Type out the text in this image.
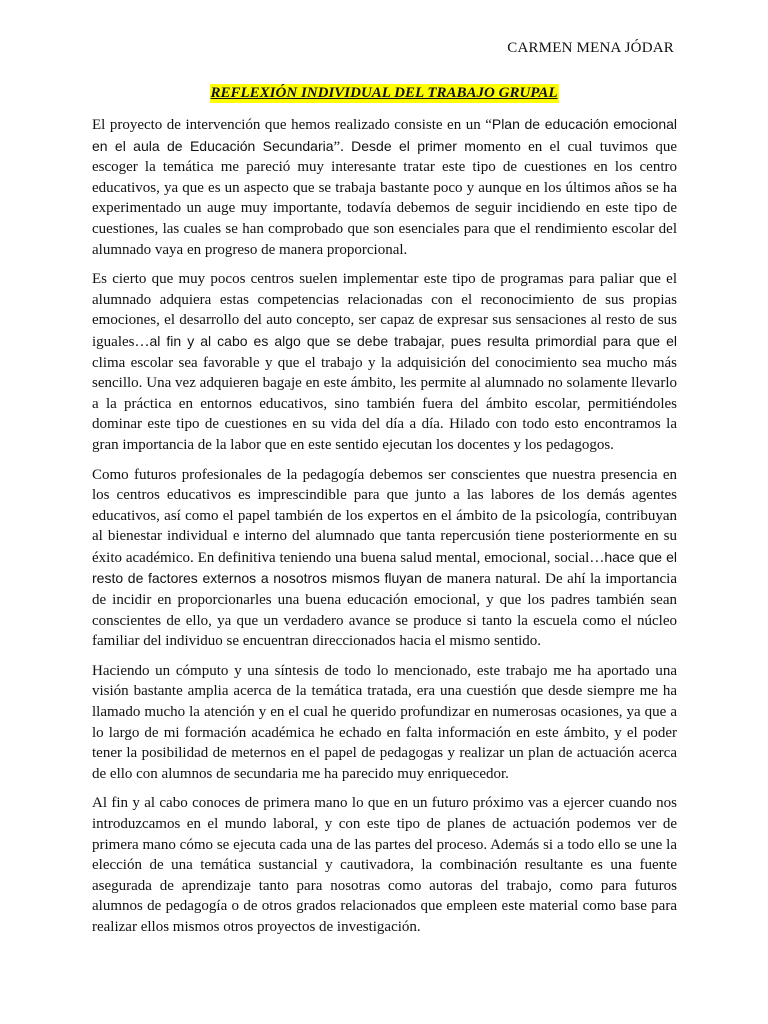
CARMEN MENA JÓDAR
REFLEXIÓN INDIVIDUAL DEL TRABAJO GRUPAL

El proyecto de intervención que hemos realizado consiste en un “Plan de educación emocional en el aula de Educación Secundaria”. Desde el primer momento en el cual tuvimos que escoger la temática me pareció muy interesante tratar este tipo de cuestiones en los centro educativos, ya que es un aspecto que se trabaja bastante poco y aunque en los últimos años se ha experimentado un auge muy importante, todavía debemos de seguir incidiendo en este tipo de cuestiones, las cuales se han comprobado que son esenciales para que el rendimiento escolar del alumnado vaya en progreso de manera proporcional.

Es cierto que muy pocos centros suelen implementar este tipo de programas para paliar que el alumnado adquiera estas competencias relacionadas con el reconocimiento de sus propias emociones, el desarrollo del auto concepto, ser capaz de expresar sus sensaciones al resto de sus iguales…al fin y al cabo es algo que se debe trabajar, pues resulta primordial para que el clima escolar sea favorable y que el trabajo y la adquisición del conocimiento sea mucho más sencillo. Una vez adquieren bagaje en este ámbito, les permite al alumnado no solamente llevarlo a la práctica en entornos educativos, sino también fuera del ámbito escolar, permitiéndoles dominar este tipo de cuestiones en su vida del día a día. Hilado con todo esto encontramos la gran importancia de la labor que en este sentido ejecutan los docentes y los pedagogos.

Como futuros profesionales de la pedagogía debemos ser conscientes que nuestra presencia en los centros educativos es imprescindible para que junto a las labores de los demás agentes educativos, así como el papel también de los expertos en el ámbito de la psicología, contribuyan al bienestar individual e interno del alumnado que tanta repercusión tiene posteriormente en su éxito académico. En definitiva teniendo una buena salud mental, emocional, social…hace que el resto de factores externos a nosotros mismos fluyan de manera natural. De ahí la importancia de incidir en proporcionarles una buena educación emocional, y que los padres también sean conscientes de ello, ya que un verdadero avance se produce si tanto la escuela como el núcleo familiar del individuo se encuentran direccionados hacia el mismo sentido.

Haciendo un cómputo y una síntesis de todo lo mencionado, este trabajo me ha aportado una visión bastante amplia acerca de la temática tratada, era una cuestión que desde siempre me ha llamado mucho la atención y en el cual he querido profundizar en numerosas ocasiones, ya que a lo largo de mi formación académica he echado en falta información en este ámbito, y el poder tener la posibilidad de meternos en el papel de pedagogas y realizar un plan de actuación acerca de ello con alumnos de secundaria me ha parecido muy enriquecedor.

Al fin y al cabo conoces de primera mano lo que en un futuro próximo vas a ejercer cuando nos introduzcamos en el mundo laboral, y con este tipo de planes de actuación podemos ver de primera mano cómo se ejecuta cada una de las partes del proceso. Además si a todo ello se une la elección de una temática sustancial y cautivadora, la combinación resultante es una fuente asegurada de aprendizaje tanto para nosotras como autoras del trabajo, como para futuros alumnos de pedagogía o de otros grados relacionados que empleen este material como base para realizar ellos mismos otros proyectos de investigación.
